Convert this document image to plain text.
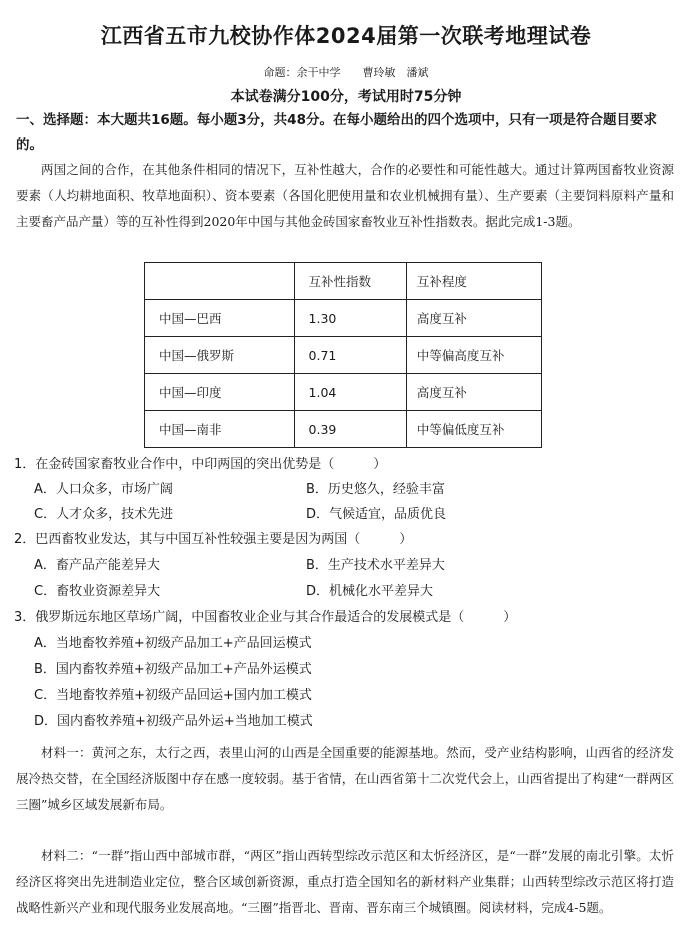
江西省五市九校协作体2024届第一次联考地理试卷
命题：余干中学　　曹玲敏　潘斌
本试卷满分100分，考试用时75分钟
一、选择题：本大题共16题。每小题3分，共48分。在每小题给出的四个选项中，只有一项是符合题目要求的。
两国之间的合作，在其他条件相同的情况下，互补性越大，合作的必要性和可能性越大。通过计算两国畜牧业资源要素（人均耕地面积、牧草地面积）、资本要素（各国化肥使用量和农业机械拥有量）、生产要素（主要饲料原料产量和主要畜产品产量）等的互补性得到2020年中国与其他金砖国家畜牧业互补性指数表。据此完成1-3题。
	互补性指数	互补程度
中国—巴西	1.30	高度互补
中国—俄罗斯	0.71	中等偏高度互补
中国—印度	1.04	高度互补
中国—南非	0.39	中等偏低度互补
1．在金砖国家畜牧业合作中，中印两国的突出优势是（　　　）
A．人口众多，市场广阔	B．历史悠久，经验丰富
C．人才众多，技术先进	D．气候适宜，品质优良
2．巴西畜牧业发达，其与中国互补性较强主要是因为两国（　　　）
A．畜产品产能差异大	B．生产技术水平差异大
C．畜牧业资源差异大	D．机械化水平差异大
3．俄罗斯远东地区草场广阔，中国畜牧业企业与其合作最适合的发展模式是（　　　）
A．当地畜牧养殖+初级产品加工+产品回运模式
B．国内畜牧养殖+初级产品加工+产品外运模式
C．当地畜牧养殖+初级产品回运+国内加工模式
D．国内畜牧养殖+初级产品外运+当地加工模式
材料一：黄河之东，太行之西，表里山河的山西是全国重要的能源基地。然而，受产业结构影响，山西省的经济发展冷热交替，在全国经济版图中存在感一度较弱。基于省情，在山西省第十二次党代会上，山西省提出了构建“一群两区三圈”城乡区域发展新布局。
材料二：“一群”指山西中部城市群，“两区”指山西转型综改示范区和太忻经济区，是“一群”发展的南北引擎。太忻经济区将突出先进制造业定位，整合区域创新资源，重点打造全国知名的新材料产业集群；山西转型综改示范区将打造战略性新兴产业和现代服务业发展高地。“三圈”指晋北、晋南、晋东南三个城镇圈。阅读材料，完成4-5题。
